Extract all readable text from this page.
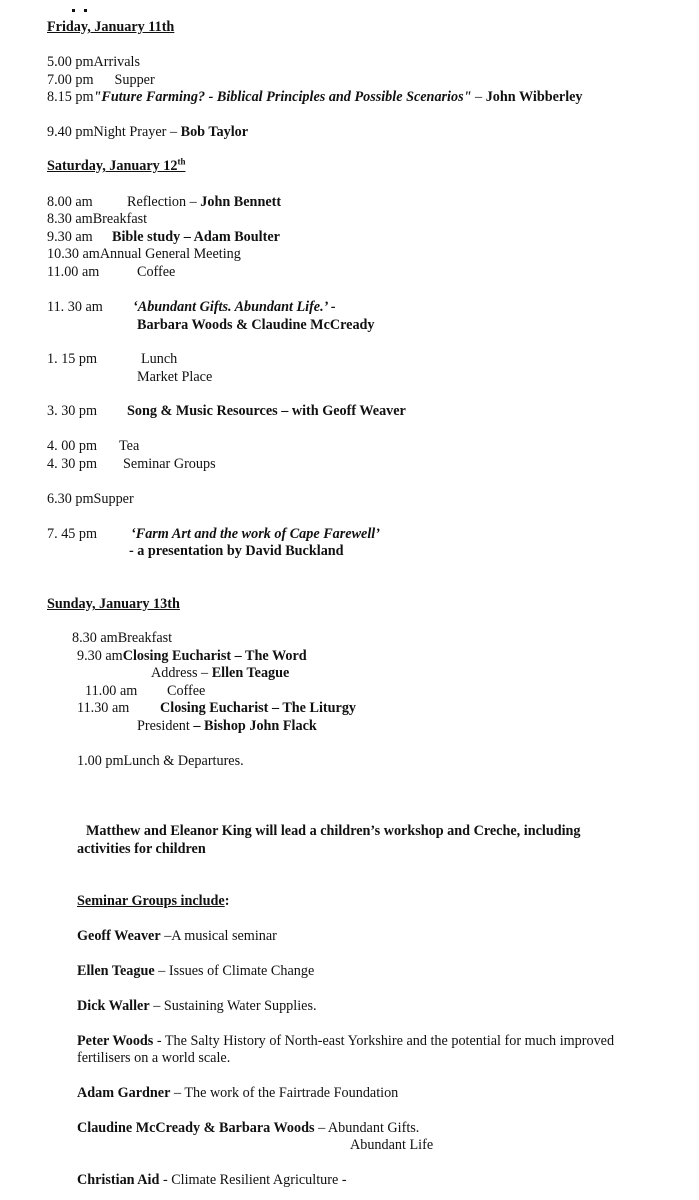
Friday, January 11th
5.00 pmArrivals
7.00 pm Supper
8.15 pm"Future Farming? - Biblical Principles and Possible Scenarios" – John Wibberley
9.40 pmNight Prayer – Bob Taylor
Saturday, January 12th
8.00 am Reflection – John Bennett
8.30 amBreakfast
9.30 am Bible study – Adam Boulter
10.30 amAnnual General Meeting
11.00 am	Coffee
11. 30 am ‘Abundant Gifts. Abundant Life.’ -
Barbara Woods & Claudine McCready
1. 15 pm	Lunch
Market Place
3. 30 pm Song & Music Resources – with Geoff Weaver
4. 00 pm Tea
4. 30 pm Seminar Groups
6.30 pmSupper
7. 45 pm ‘Farm Art and the work of Cape Farewell’
- a presentation by David Buckland
Sunday, January 13th
8.30 amBreakfast
9.30 amClosing Eucharist – The Word
Address – Ellen Teague
11.00 am Coffee
11.30 am Closing Eucharist – The Liturgy
President – Bishop John Flack
1.00 pmLunch & Departures.
Matthew and Eleanor King will lead a children’s workshop and Creche, including
activities for children
Seminar Groups include:
Geoff Weaver –A musical seminar
Ellen Teague – Issues of Climate Change
Dick Waller – Sustaining Water Supplies.
Peter Woods - The Salty History of North-east Yorkshire and the potential for much improved
fertilisers on a world scale.
Adam Gardner – The work of the Fairtrade Foundation
Claudine McCready & Barbara Woods – Abundant Gifts.
Abundant Life
Christian Aid - Climate Resilient Agriculture -
